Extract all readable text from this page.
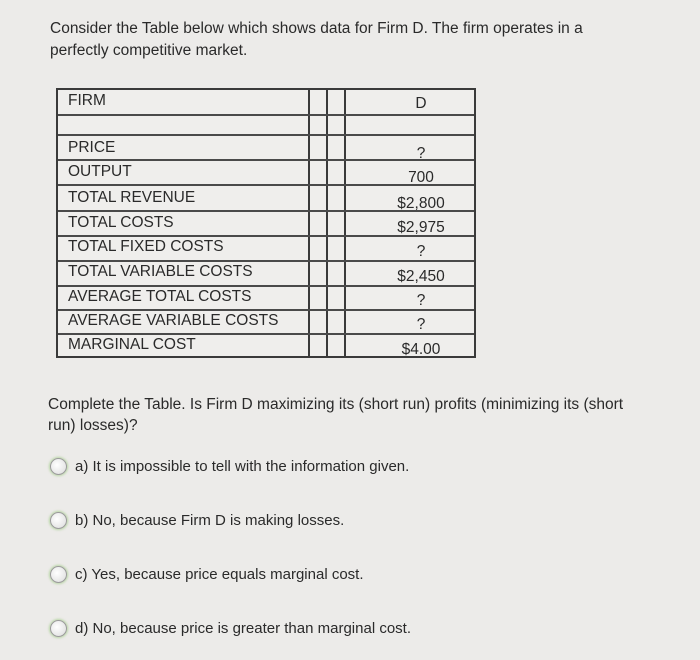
Consider the Table below which shows data for Firm D. The firm operates in a perfectly competitive market.
FIRM	D
PRICE	?
OUTPUT	700
TOTAL REVENUE	$2,800
TOTAL COSTS	$2,975
TOTAL FIXED COSTS	?
TOTAL VARIABLE COSTS	$2,450
AVERAGE TOTAL COSTS	?
AVERAGE VARIABLE COSTS	?
MARGINAL COST	$4.00
Complete the Table. Is Firm D maximizing its (short run) profits (minimizing its (short run) losses)?
a) It is impossible to tell with the information given.
b) No, because Firm D is making losses.
c) Yes, because price equals marginal cost.
d) No, because price is greater than marginal cost.
